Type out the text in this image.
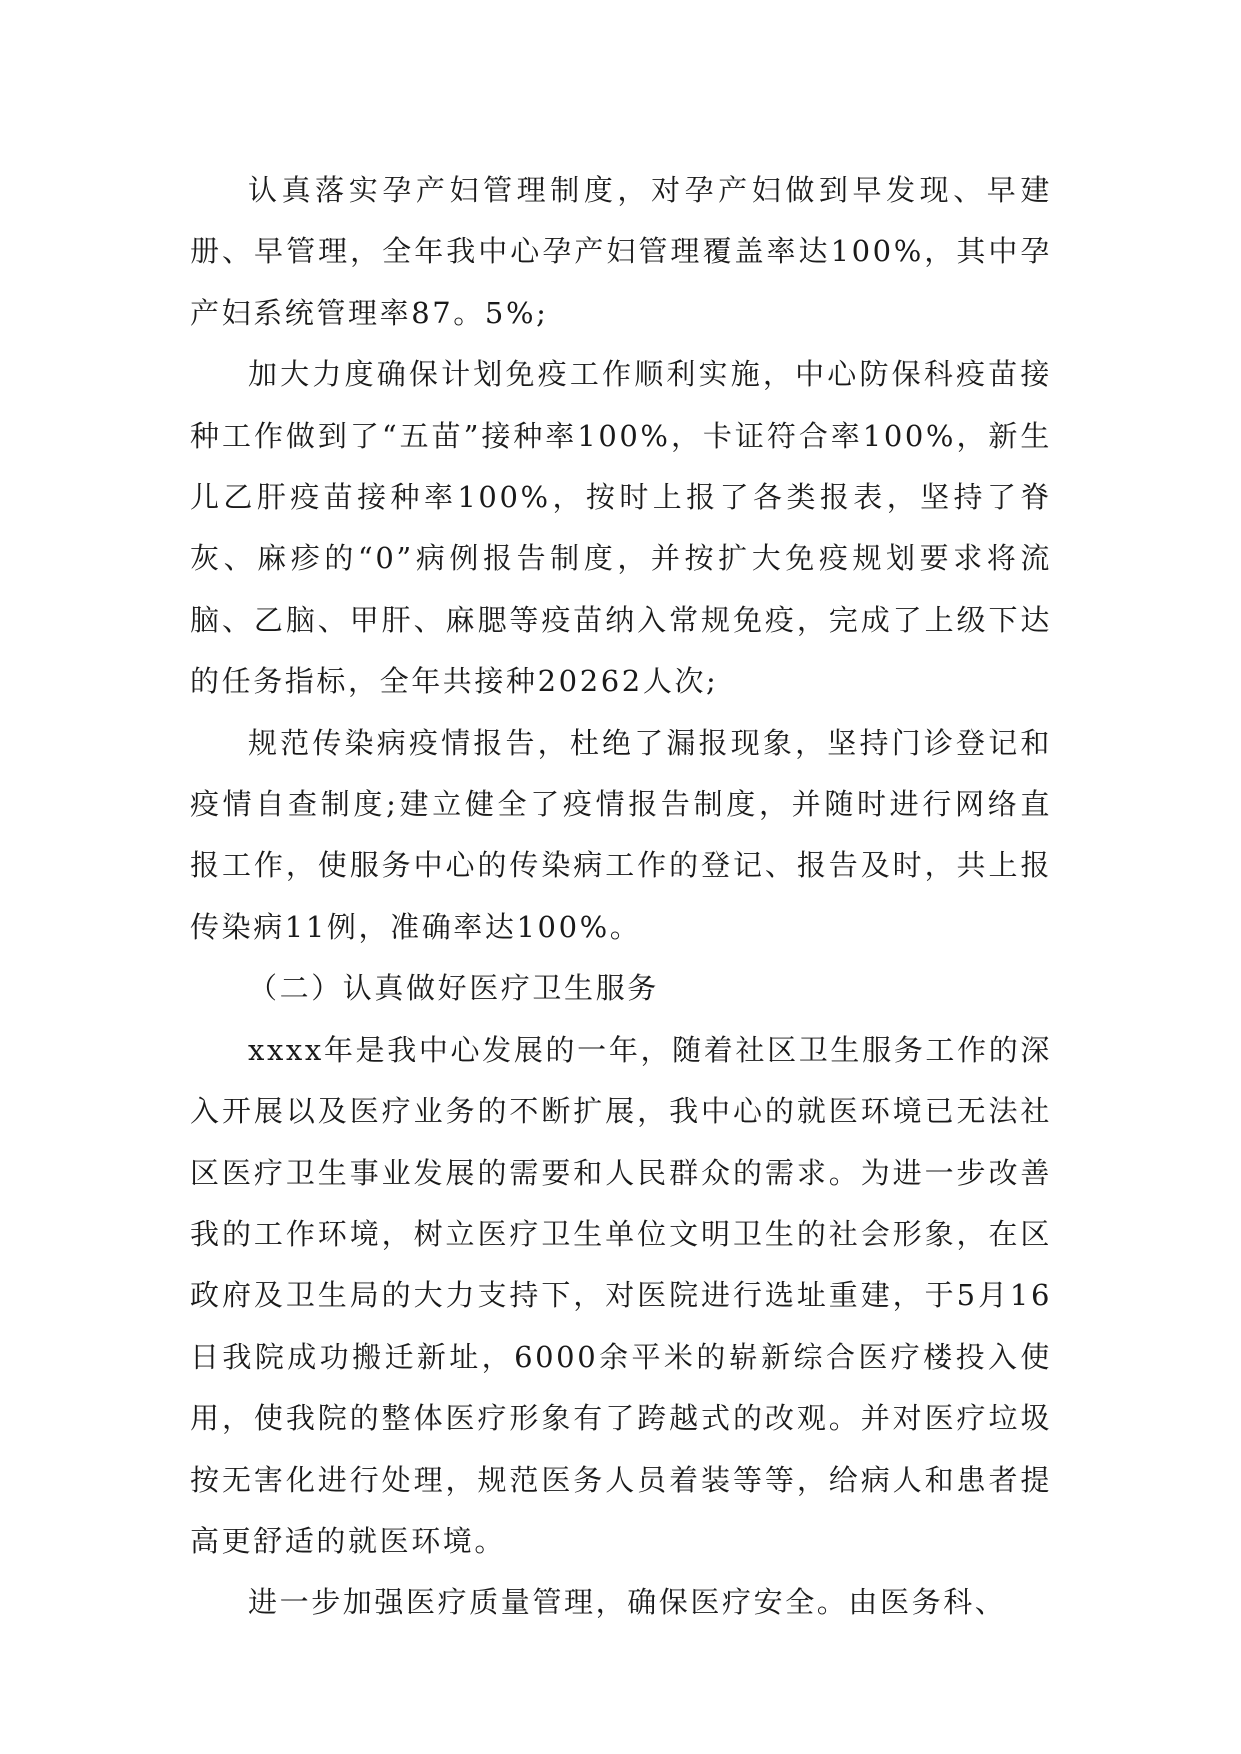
认真落实孕产妇管理制度，对孕产妇做到早发现、早建册、早管理，全年我中心孕产妇管理覆盖率达100%，其中孕产妇系统管理率87。5%;

加大力度确保计划免疫工作顺利实施，中心防保科疫苗接种工作做到了“五苗”接种率100%，卡证符合率100%，新生儿乙肝疫苗接种率100%，按时上报了各类报表，坚持了脊灰、麻疹的“0”病例报告制度，并按扩大免疫规划要求将流脑、乙脑、甲肝、麻腮等疫苗纳入常规免疫，完成了上级下达的任务指标，全年共接种20262人次;

规范传染病疫情报告，杜绝了漏报现象，坚持门诊登记和疫情自查制度;建立健全了疫情报告制度，并随时进行网络直报工作，使服务中心的传染病工作的登记、报告及时，共上报传染病11例，准确率达100%。

（二）认真做好医疗卫生服务

xxxx年是我中心发展的一年，随着社区卫生服务工作的深入开展以及医疗业务的不断扩展，我中心的就医环境已无法社区医疗卫生事业发展的需要和人民群众的需求。为进一步改善我的工作环境，树立医疗卫生单位文明卫生的社会形象，在区政府及卫生局的大力支持下，对医院进行选址重建，于5月16日我院成功搬迁新址，6000余平米的崭新综合医疗楼投入使用，使我院的整体医疗形象有了跨越式的改观。并对医疗垃圾按无害化进行处理，规范医务人员着装等等，给病人和患者提高更舒适的就医环境。

进一步加强医疗质量管理，确保医疗安全。由医务科、
